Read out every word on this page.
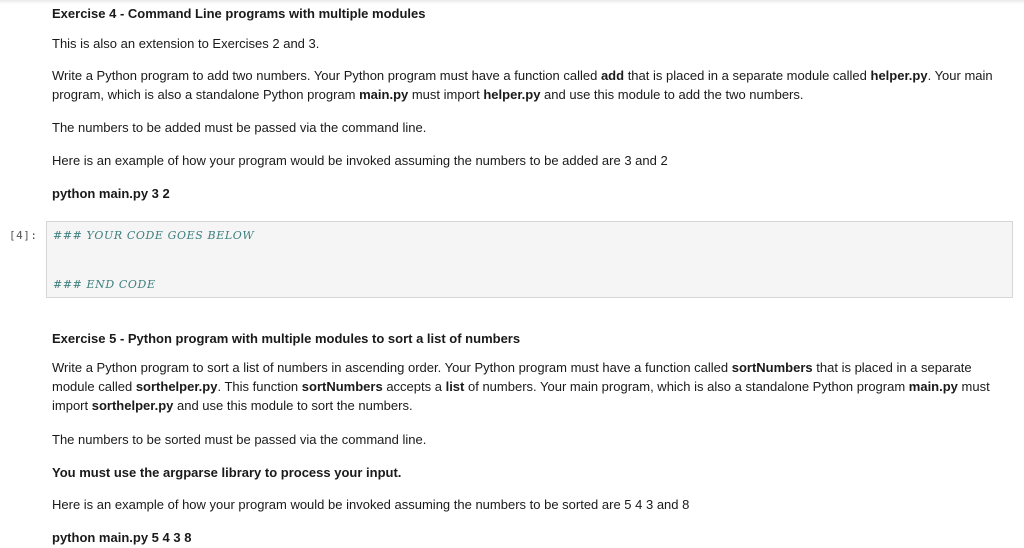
Exercise 4 - Command Line programs with multiple modules
This is also an extension to Exercises 2 and 3.
Write a Python program to add two numbers. Your Python program must have a function called add that is placed in a separate module called helper.py. Your main program, which is also a standalone Python program main.py must import helper.py and use this module to add the two numbers.
The numbers to be added must be passed via the command line.
Here is an example of how your program would be invoked assuming the numbers to be added are 3 and 2
python main.py 3 2
[4]: ### YOUR CODE GOES BELOW
### END CODE
Exercise 5 - Python program with multiple modules to sort a list of numbers
Write a Python program to sort a list of numbers in ascending order. Your Python program must have a function called sortNumbers that is placed in a separate module called sorthelper.py. This function sortNumbers accepts a list of numbers. Your main program, which is also a standalone Python program main.py must import sorthelper.py and use this module to sort the numbers.
The numbers to be sorted must be passed via the command line.
You must use the argparse library to process your input.
Here is an example of how your program would be invoked assuming the numbers to be sorted are 5 4 3 and 8
python main.py 5 4 3 8
